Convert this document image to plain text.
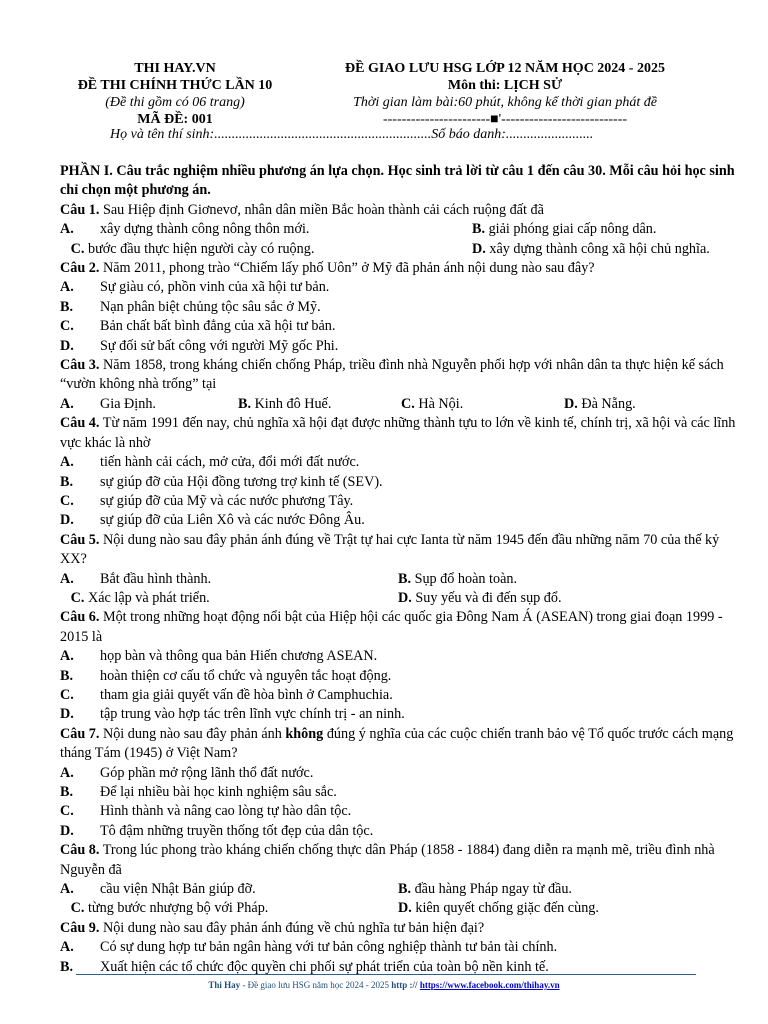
THI HAY.VN
ĐỀ THI CHÍNH THỨC LẦN 10
(Đề thi gồm có 06 trang)
MÃ ĐỀ: 001
ĐỀ GIAO LƯU HSG LỚP 12 NĂM HỌC 2024 - 2025
Môn thi: LỊCH SỬ
Thời gian làm bài:60 phút, không kể thời gian phát đề
-----------------------■'---------------------------
Họ và tên thí sinh:..............................................................Số báo danh:.........................

PHẦN I. Câu trắc nghiệm nhiều phương án lựa chọn. Học sinh trả lời từ câu 1 đến câu 30. Mỗi câu hỏi học sinh chỉ chọn một phương án.

Câu 1. Sau Hiệp định Giơnevơ, nhân dân miền Bắc hoàn thành cải cách ruộng đất đã

A. xây dựng thành công nông thôn mới.	B. giải phóng giai cấp nông dân.
C. bước đầu thực hiện người cày có ruộng.	D. xây dựng thành công xã hội chủ nghĩa.

Câu 2. Năm 2011, phong trào “Chiếm lấy phố Uôn” ở Mỹ đã phản ánh nội dung nào sau đây?

A.	Sự giàu có, phồn vinh của xã hội tư bản.
B.	Nạn phân biệt chủng tộc sâu sắc ở Mỹ.
C.	Bản chất bất bình đẳng của xã hội tư bản.
D.	Sự đối sử bất công với người Mỹ gốc Phi.

Câu 3. Năm 1858, trong kháng chiến chống Pháp, triều đình nhà Nguyễn phối hợp với nhân dân ta thực hiện kế sách “vườn không nhà trống” tại

A. Gia Định.	B. Kinh đô Huế.	C. Hà Nội.	D. Đà Nẵng.

Câu 4. Từ năm 1991 đến nay, chủ nghĩa xã hội đạt được những thành tựu to lớn về kinh tế, chính trị, xã hội và các lĩnh vực khác là nhờ

A.	tiến hành cải cách, mở cửa, đổi mới đất nước.
B.	sự giúp đỡ của Hội đồng tương trợ kinh tế (SEV).
C.	sự giúp đỡ của Mỹ và các nước phương Tây.
D.	sự giúp đỡ của Liên Xô và các nước Đông Âu.

Câu 5. Nội dung nào sau đây phản ánh đúng về Trật tự hai cực Ianta từ năm 1945 đến đầu những năm 70 của thế kỷ XX?

A. Bắt đầu hình thành.	B. Sụp đổ hoàn toàn.
C. Xác lập và phát triển.	D. Suy yếu và đi đến sụp đổ.

Câu 6. Một trong những hoạt động nổi bật của Hiệp hội các quốc gia Đông Nam Á (ASEAN) trong giai đoạn 1999 - 2015 là

A.	họp bàn và thông qua bản Hiến chương ASEAN.
B.	hoàn thiện cơ cấu tổ chức và nguyên tắc hoạt động.
C.	tham gia giải quyết vấn đề hòa bình ở Camphuchia.
D.	tập trung vào hợp tác trên lĩnh vực chính trị - an ninh.

Câu 7. Nội dung nào sau đây phản ánh không đúng ý nghĩa của các cuộc chiến tranh bảo vệ Tổ quốc trước cách mạng tháng Tám (1945) ở Việt Nam?

A.	Góp phần mở rộng lãnh thổ đất nước.
B.	Để lại nhiều bài học kinh nghiệm sâu sắc.
C.	Hình thành và nâng cao lòng tự hào dân tộc.
D.	Tô đậm những truyền thống tốt đẹp của dân tộc.

Câu 8. Trong lúc phong trào kháng chiến chống thực dân Pháp (1858 - 1884) đang diễn ra mạnh mẽ, triều đình nhà Nguyễn đã

A. cầu viện Nhật Bản giúp đỡ.	B. đầu hàng Pháp ngay từ đầu.
C. từng bước nhượng bộ với Pháp.	D. kiên quyết chống giặc đến cùng.

Câu 9. Nội dung nào sau đây phản ánh đúng về chủ nghĩa tư bản hiện đại?

A.	Có sự dung hợp tư bản ngân hàng với tư bản công nghiệp thành tư bản tài chính.
B.	Xuất hiện các tổ chức độc quyền chi phối sự phát triển của toàn bộ nền kinh tế.
Thi Hay - Đề giao lưu HSG năm học 2024 - 2025 http :// https://www.facebook.com/thihay.vn
